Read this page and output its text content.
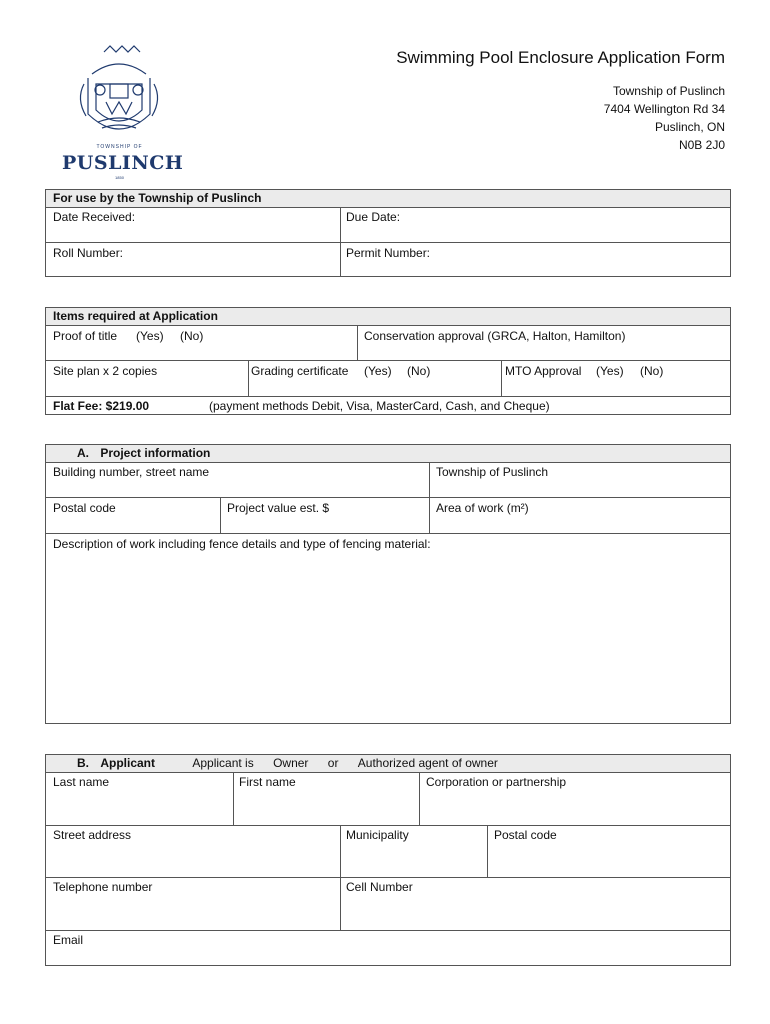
TOWNSHIP OF
PUSLINCH
1850
Swimming Pool Enclosure Application Form
Township of Puslinch
7404 Wellington Rd 34
Puslinch, ON
N0B 2J0
For use by the Township of Puslinch
Date Received:	Due Date:
Roll Number:	Permit Number:
Items required at Application
Proof of title (Yes) (No)	Conservation approval (GRCA, Halton, Hamilton)
Site plan x 2 copies	Grading certificate (Yes) (No)	MTO Approval (Yes) (No)
Flat Fee: $219.00	(payment methods Debit, Visa, MasterCard, Cash, and Cheque)
A. Project information
Building number, street name	Township of Puslinch
Postal code	Project value est. $	Area of work (m²)
Description of work including fence details and type of fencing material:
B. Applicant	Applicant is Owner or Authorized agent of owner
Last name	First name	Corporation or partnership
Street address	Municipality	Postal code
Telephone number	Cell Number
Email
